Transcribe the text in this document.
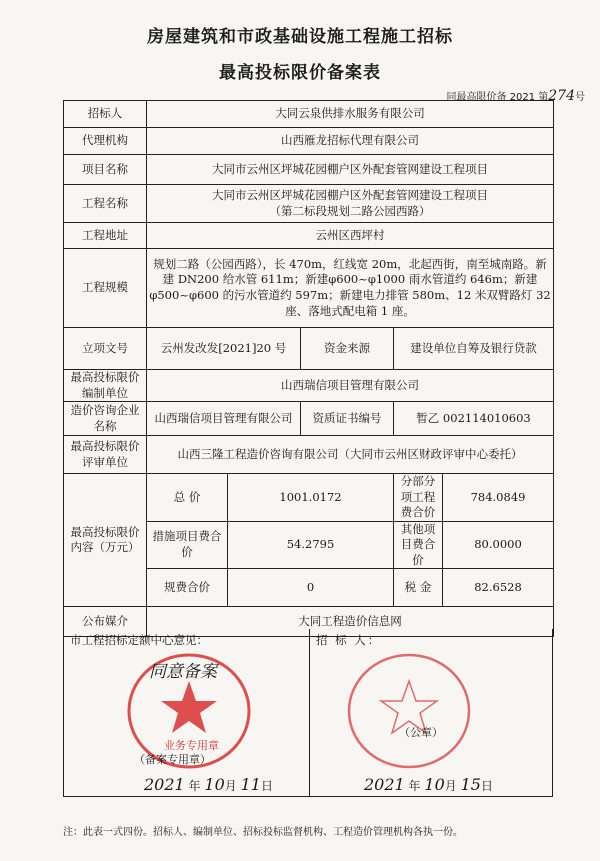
房屋建筑和市政基础设施工程施工招标
最高投标限价备案表
同最高限价备 2021 第274号
招标人	大同云泉供排水服务有限公司				
代理机构	山西雁龙招标代理有限公司				
项目名称	大同市云州区坪城花园棚户区外配套管网建设工程项目				
工程名称	大同市云州区坪城花园棚户区外配套管网建设工程项目
（第二标段规划二路公园西路）				

工程地址	云州区西坪村				
工程规模	规划二路（公园西路），长 470m，红线宽 20m，北起西街，南至城南路。新建 DN200 给水管 611m；新建φ600~φ1000 雨水管道约 646m；新建φ500~φ600 的污水管道约 597m；新建电力排管 580m、12 米双臂路灯 32 座、落地式配电箱 1 座。				
立项文号	云州发改发[2021]20 号		资金来源	建设单位自筹及银行贷款	
最高投标限价编制单位	山西瑞信项目管理有限公司				
造价咨询企业名称	山西瑞信项目管理有限公司		资质证书编号	暂乙 002114010603	
最高投标限价评审单位	山西三隆工程造价咨询有限公司（大同市云州区财政评审中心委托）				
最高投标限价内容（万元）	总 价	1001.0172		分部分项工程费合价	784.0849
	措施项目费合 价	54.2795		其他项目费合价	80.0000
	规费合价	0		税 金	82.6528
公布媒介	大同工程造价信息网				
市工程招标定额中心意见：	招 标 人：
同意备案
业务专用章
（备案专用章）
2021 年 10月 11日
（公章）
2021 年 10月 15日
注：此表一式四份。招标人、编制单位、招标投标监督机构、工程造价管理机构各执一份。
